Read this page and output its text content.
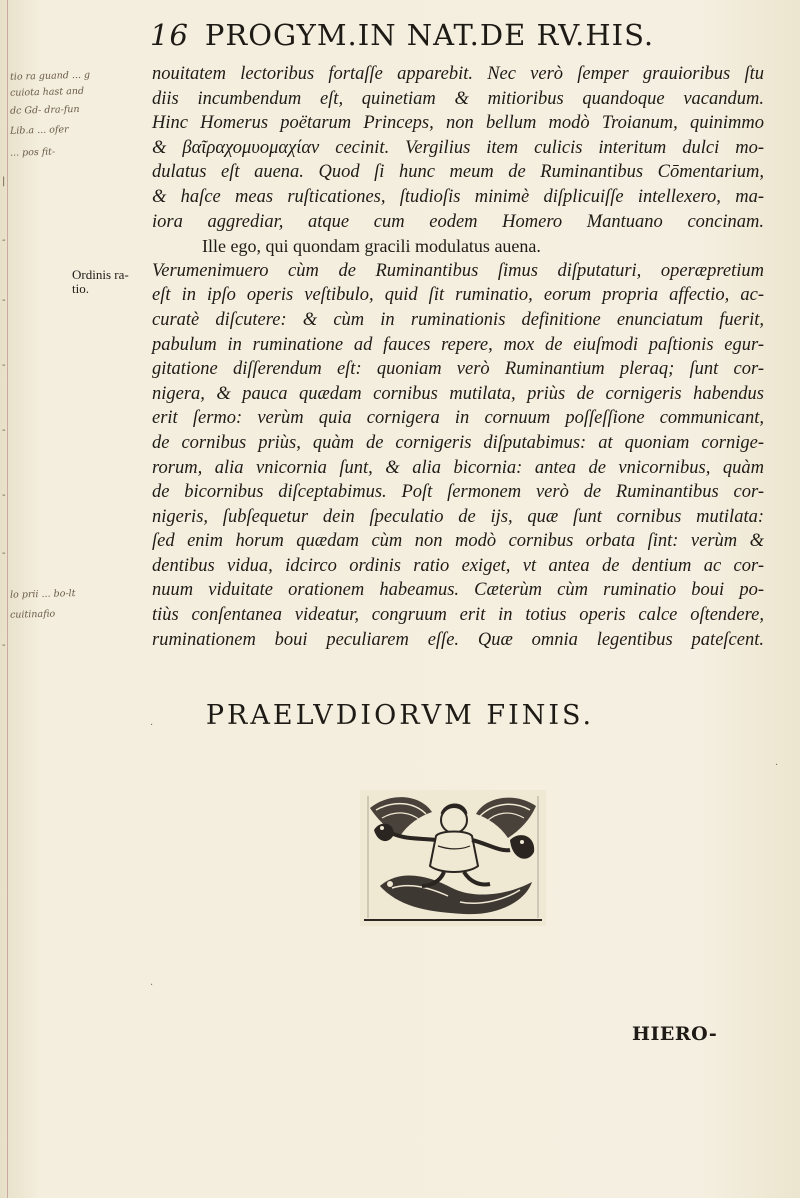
16 PROGYM.IN NAT.DE RV.HIS.
tio ra guand ... g
cuiota hast and
dc Gd- dra-fun
Lib.a ... ofer
... pos fit-
lo prii ... bo-lt
cuitinafio
|
-
-
-
-
-
-
-
Ordinis ra- tio.
nouitatem lectoribus fortaſſe apparebit. Nec verò ſemper grauioribus ſtu
diis incumbendum eſt, quinetiam & mitioribus quandoque vacandum.
Hinc Homerus poëtarum Princeps, non bellum modò Troianum, quinimmo
& βαῖραχομυομαχίαν cecinit. Vergilius item culicis interitum dulci mo-
dulatus eſt auena. Quod ſi hunc meum de Ruminantibus Cōmentarium,
& haſce meas ruſticationes, ſtudioſis minimè diſplicuiſſe intellexero, ma-
iora aggrediar, atque cum eodem Homero Mantuano concinam.
Ille ego, qui quondam gracili modulatus auena.
Verumenimuero cùm de Ruminantibus ſimus diſputaturi, operæpretium
eſt in ipſo operis veſtibulo, quid ſit ruminatio, eorum propria affectio, ac-
curatè diſcutere: & cùm in ruminationis definitione enunciatum fuerit,
pabulum in ruminatione ad fauces repere, mox de eiuſmodi paſtionis egur-
gitatione diſſerendum eſt: quoniam verò Ruminantium pleraq; ſunt cor-
nigera, & pauca quædam cornibus mutilata, priùs de cornigeris habendus
erit ſermo: verùm quia cornigera in cornuum poſſeſſione communicant,
de cornibus priùs, quàm de cornigeris diſputabimus: at quoniam cornige-
rorum, alia vnicornia ſunt, & alia bicornia: antea de vnicornibus, quàm
de bicornibus diſceptabimus. Poſt ſermonem verò de Ruminantibus cor-
nigeris, ſubſequetur dein ſpeculatio de ijs, quæ ſunt cornibus mutilata:
ſed enim horum quædam cùm non modò cornibus orbata ſint: verùm &
dentibus vidua, idcirco ordinis ratio exiget, vt antea de dentium ac cor-
nuum viduitate orationem habeamus. Cæterùm cùm ruminatio boui po-
tiùs conſentanea videatur, congruum erit in totius operis calce oſtendere,
ruminationem boui peculiarem eſſe. Quæ omnia legentibus pateſcent.
PRAELVDIORVM FINIS.
HIERO-
·
·
·
